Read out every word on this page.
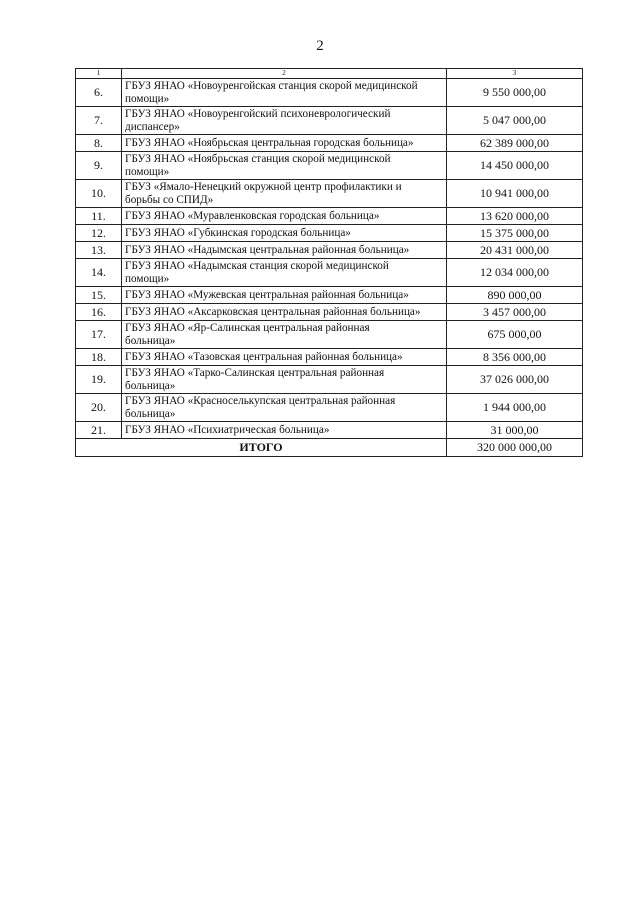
2
1	2	3
6.	ГБУЗ ЯНАО «Новоуренгойская станция скорой медицинской
помощи»	9 550 000,00
7.	ГБУЗ ЯНАО «Новоуренгойский психоневрологический
диспансер»	5 047 000,00
8.	ГБУЗ ЯНАО «Ноябрьская центральная городская больница»	62 389 000,00
9.	ГБУЗ ЯНАО «Ноябрьская станция скорой медицинской
помощи»	14 450 000,00
10.	ГБУЗ «Ямало-Ненецкий окружной центр профилактики и
борьбы со СПИД»	10 941 000,00
11.	ГБУЗ ЯНАО «Муравленковская городская больница»	13 620 000,00
12.	ГБУЗ ЯНАО «Губкинская городская больница»	15 375 000,00
13.	ГБУЗ ЯНАО «Надымская центральная районная больница»	20 431 000,00
14.	ГБУЗ ЯНАО «Надымская станция скорой медицинской
помощи»	12 034 000,00
15.	ГБУЗ ЯНАО «Мужевская центральная районная больница»	890 000,00
16.	ГБУЗ ЯНАО «Аксарковская центральная районная больница»	3 457 000,00
17.	ГБУЗ ЯНАО «Яр-Салинская центральная районная
больница»	675 000,00
18.	ГБУЗ ЯНАО «Тазовская центральная районная больница»	8 356 000,00
19.	ГБУЗ ЯНАО «Тарко-Салинская центральная районная
больница»	37 026 000,00
20.	ГБУЗ ЯНАО «Красноселькупская центральная районная
больница»	1 944 000,00
21.	ГБУЗ ЯНАО «Психиатрическая больница»	31 000,00
ИТОГО		320 000 000,00
